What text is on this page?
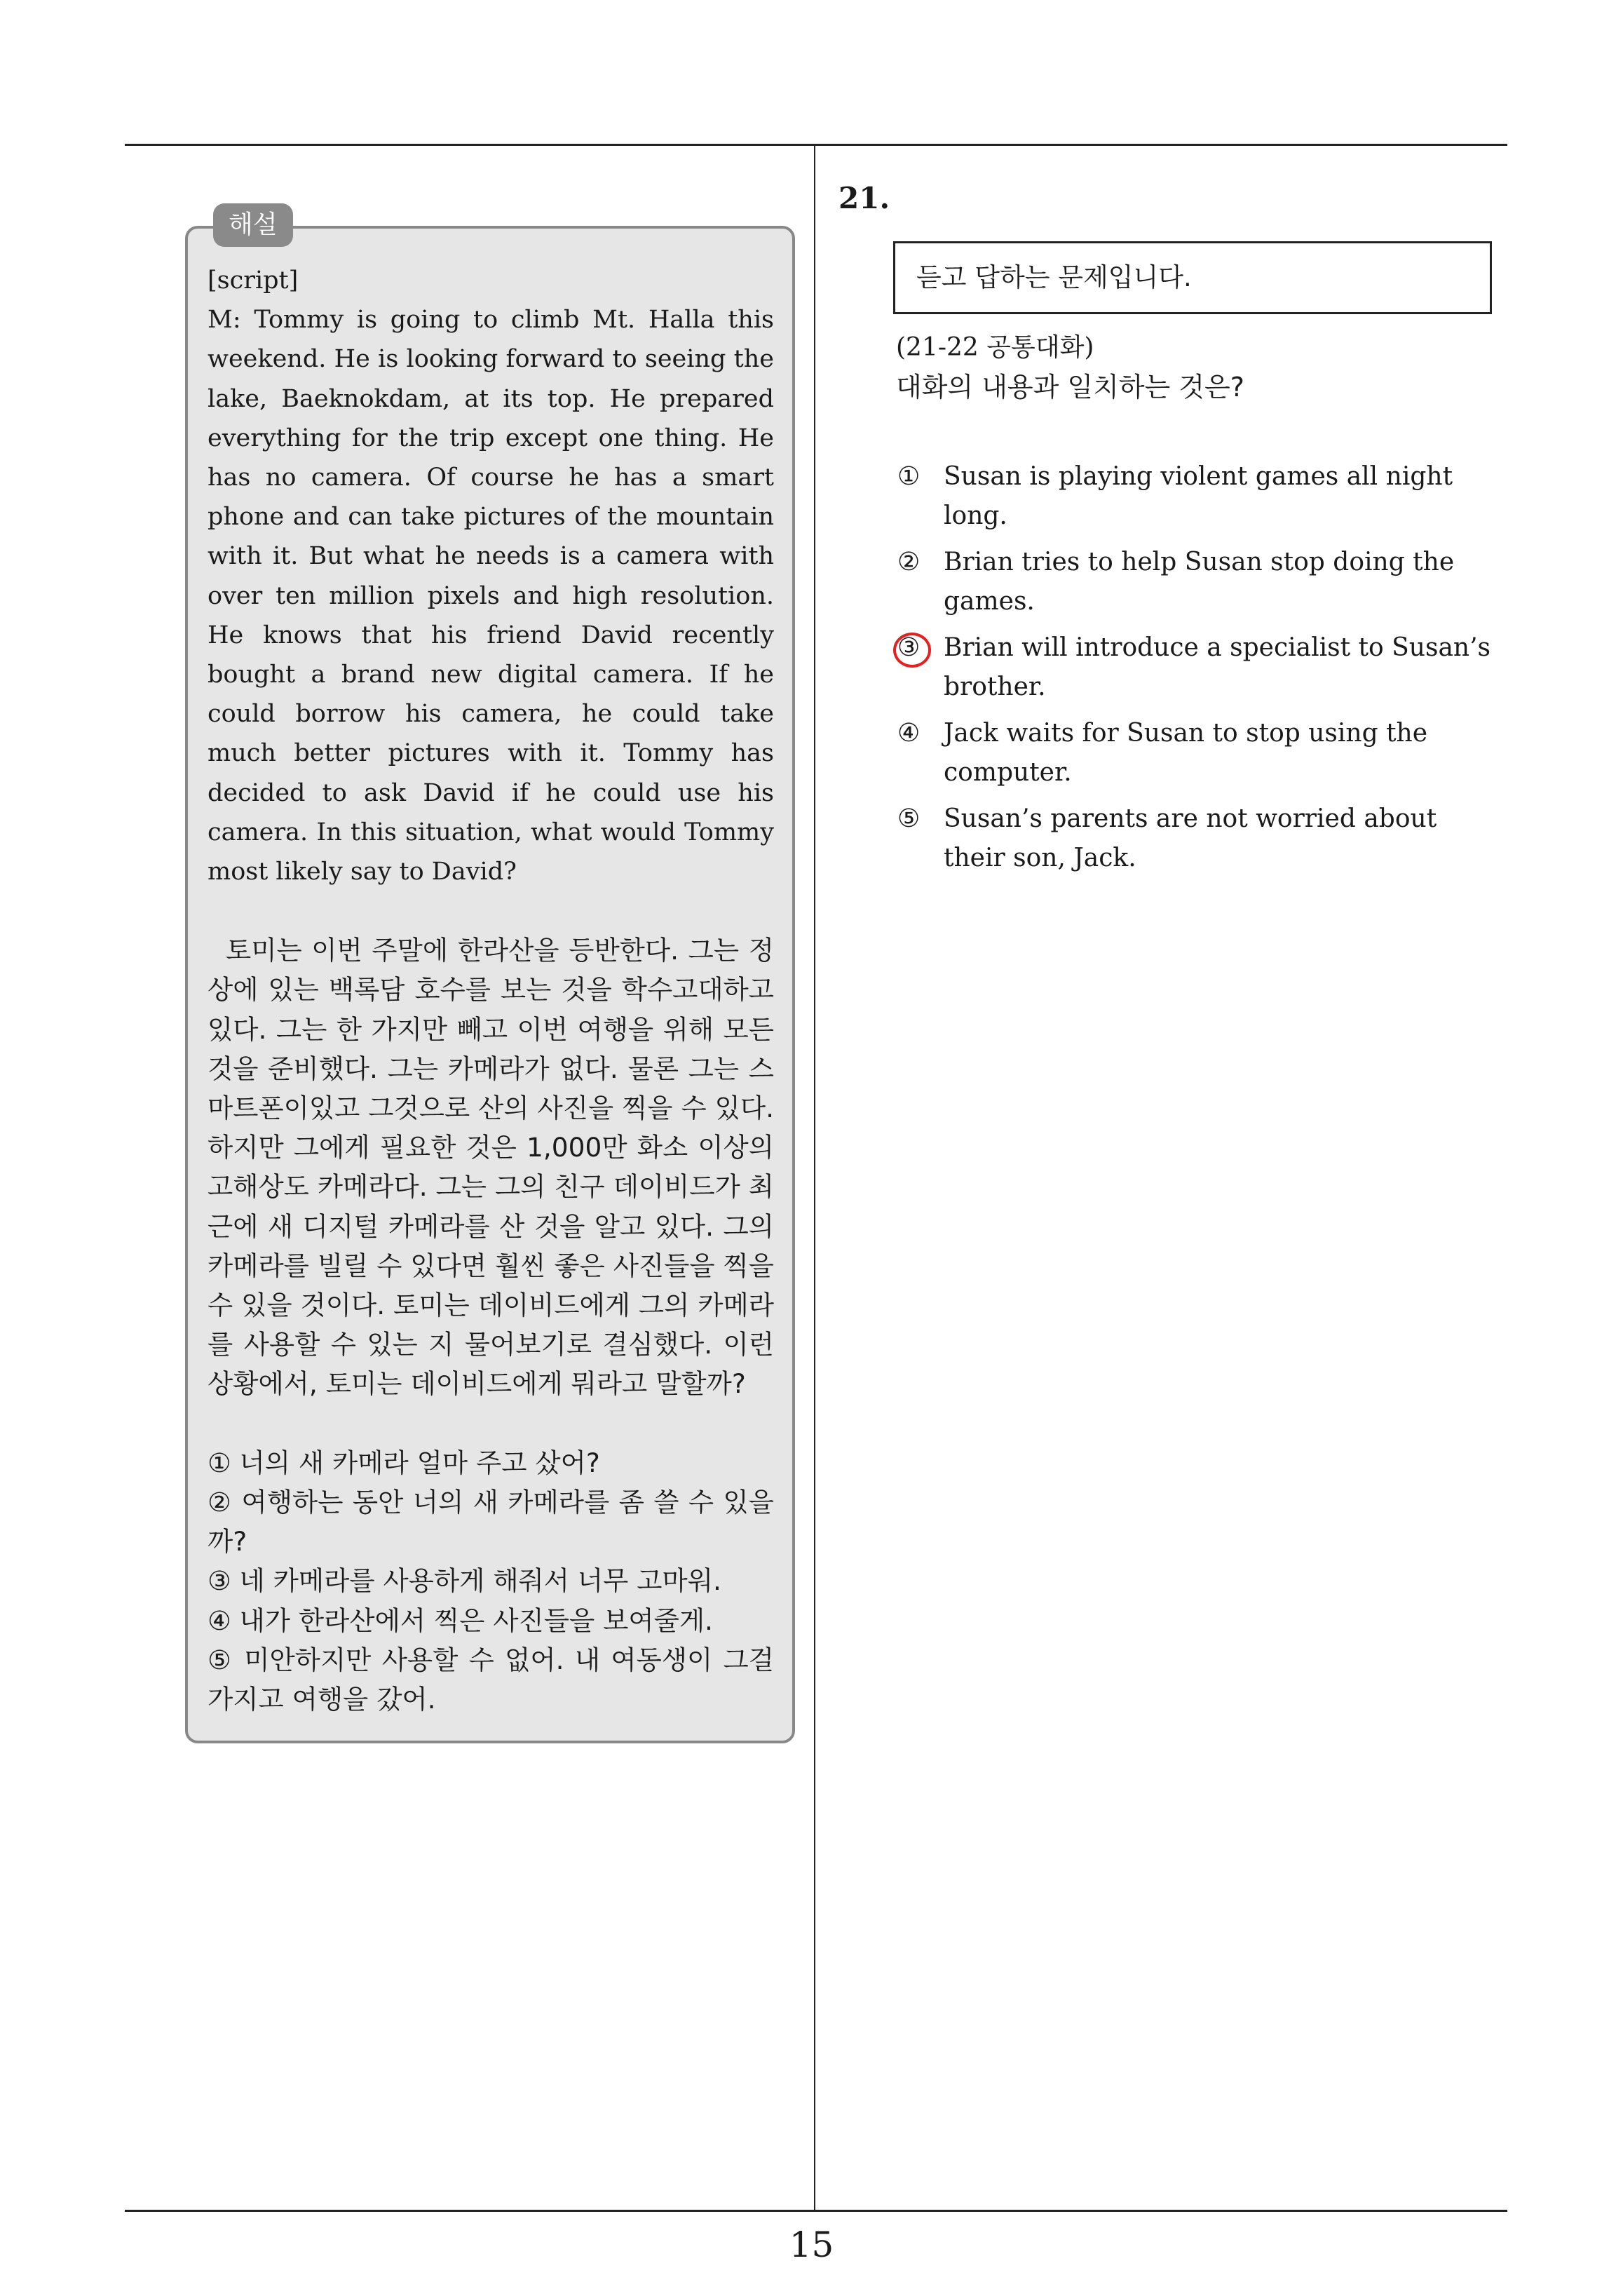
해설

[script]

M: Tommy is going to climb Mt. Halla this weekend. He is looking forward to seeing the lake, Baeknokdam, at its top. He prepared everything for the trip except one thing. He has no camera. Of course he has a smart phone and can take pictures of the mountain with it. But what he needs is a camera with over ten million pixels and high resolution. He knows that his friend David recently bought a brand new digital camera. If he could borrow his camera, he could take much better pictures with it. Tommy has decided to ask David if he could use his camera. In this situation, what would Tommy most likely say to David?

토미는 이번 주말에 한라산을 등반한다. 그는 정상에 있는 백록담 호수를 보는 것을 학수고대하고 있다. 그는 한 가지만 빼고 이번 여행을 위해 모든 것을 준비했다. 그는 카메라가 없다. 물론 그는 스마트폰이있고 그것으로 산의 사진을 찍을 수 있다. 하지만 그에게 필요한 것은 1,000만 화소 이상의 고해상도 카메라다. 그는 그의 친구 데이비드가 최근에 새 디지털 카메라를 산 것을 알고 있다. 그의 카메라를 빌릴 수 있다면 훨씬 좋은 사진들을 찍을 수 있을 것이다. 토미는 데이비드에게 그의 카메라를 사용할 수 있는 지 물어보기로 결심했다. 이런 상황에서, 토미는 데이비드에게 뭐라고 말할까?

① 너의 새 카메라 얼마 주고 샀어?

② 여행하는 동안 너의 새 카메라를 좀 쓸 수 있을까?

③ 네 카메라를 사용하게 해줘서 너무 고마워.

④ 내가 한라산에서 찍은 사진들을 보여줄게.

⑤ 미안하지만 사용할 수 없어. 내 여동생이 그걸 가지고 여행을 갔어.

21.
듣고 답하는 문제입니다.
(21-22 공통대화)
대화의 내용과 일치하는 것은?
① Susan is playing violent games all night long.
② Brian tries to help Susan stop doing the games.
③ Brian will introduce a specialist to Susan’s brother.
④ Jack waits for Susan to stop using the computer.
⑤ Susan’s parents are not worried about their son, Jack.
15
